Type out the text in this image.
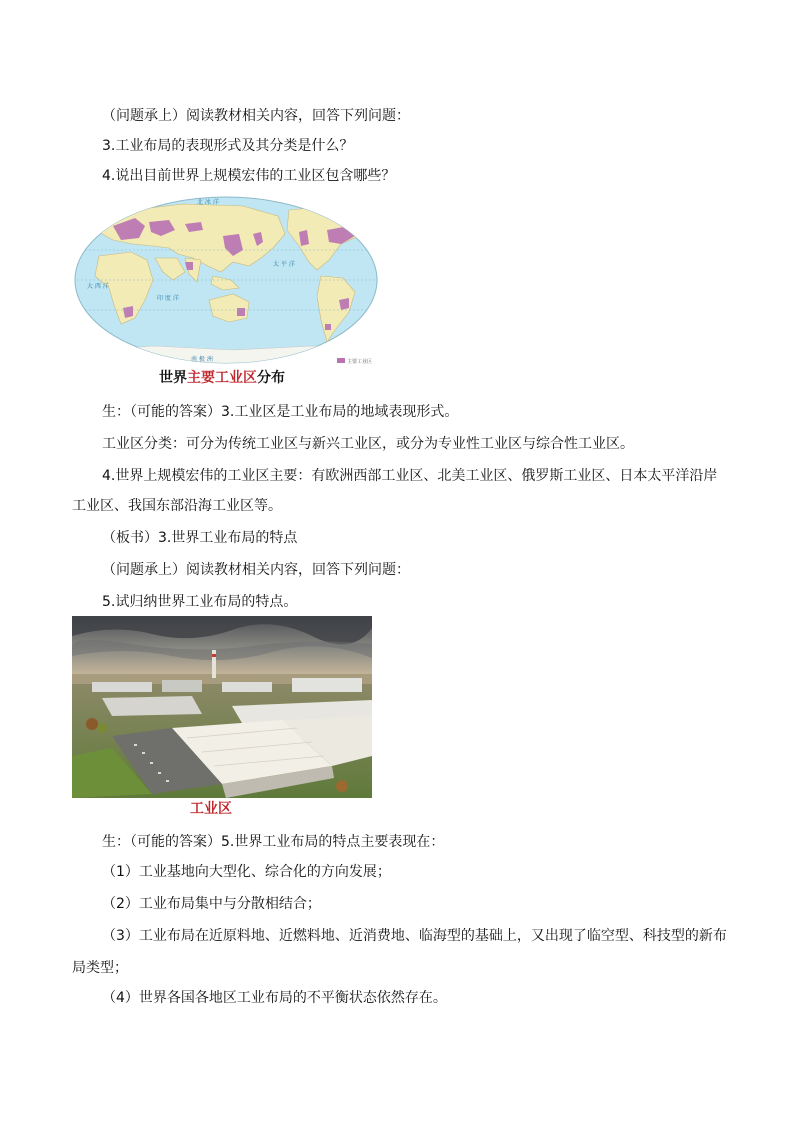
（问题承上）阅读教材相关内容，回答下列问题：

3.工业布局的表现形式及其分类是什么？

4.说出目前世界上规模宏伟的工业区包含哪些？

北 冰 洋
太 平 洋
大 西 洋
印 度 洋
南 极 洲	主要工业区
世界主要工业区分布

生：（可能的答案）3.工业区是工业布局的地域表现形式。

工业区分类：可分为传统工业区与新兴工业区，或分为专业性工业区与综合性工业区。

4.世界上规模宏伟的工业区主要：有欧洲西部工业区、北美工业区、俄罗斯工业区、日本太平洋沿岸

工业区、我国东部沿海工业区等。

（板书）3.世界工业布局的特点

（问题承上）阅读教材相关内容，回答下列问题：

5.试归纳世界工业布局的特点。

工业区

生：（可能的答案）5.世界工业布局的特点主要表现在：

（1）工业基地向大型化、综合化的方向发展；

（2）工业布局集中与分散相结合；

（3）工业布局在近原料地、近燃料地、近消费地、临海型的基础上，又出现了临空型、科技型的新布

局类型；

（4）世界各国各地区工业布局的不平衡状态依然存在。
